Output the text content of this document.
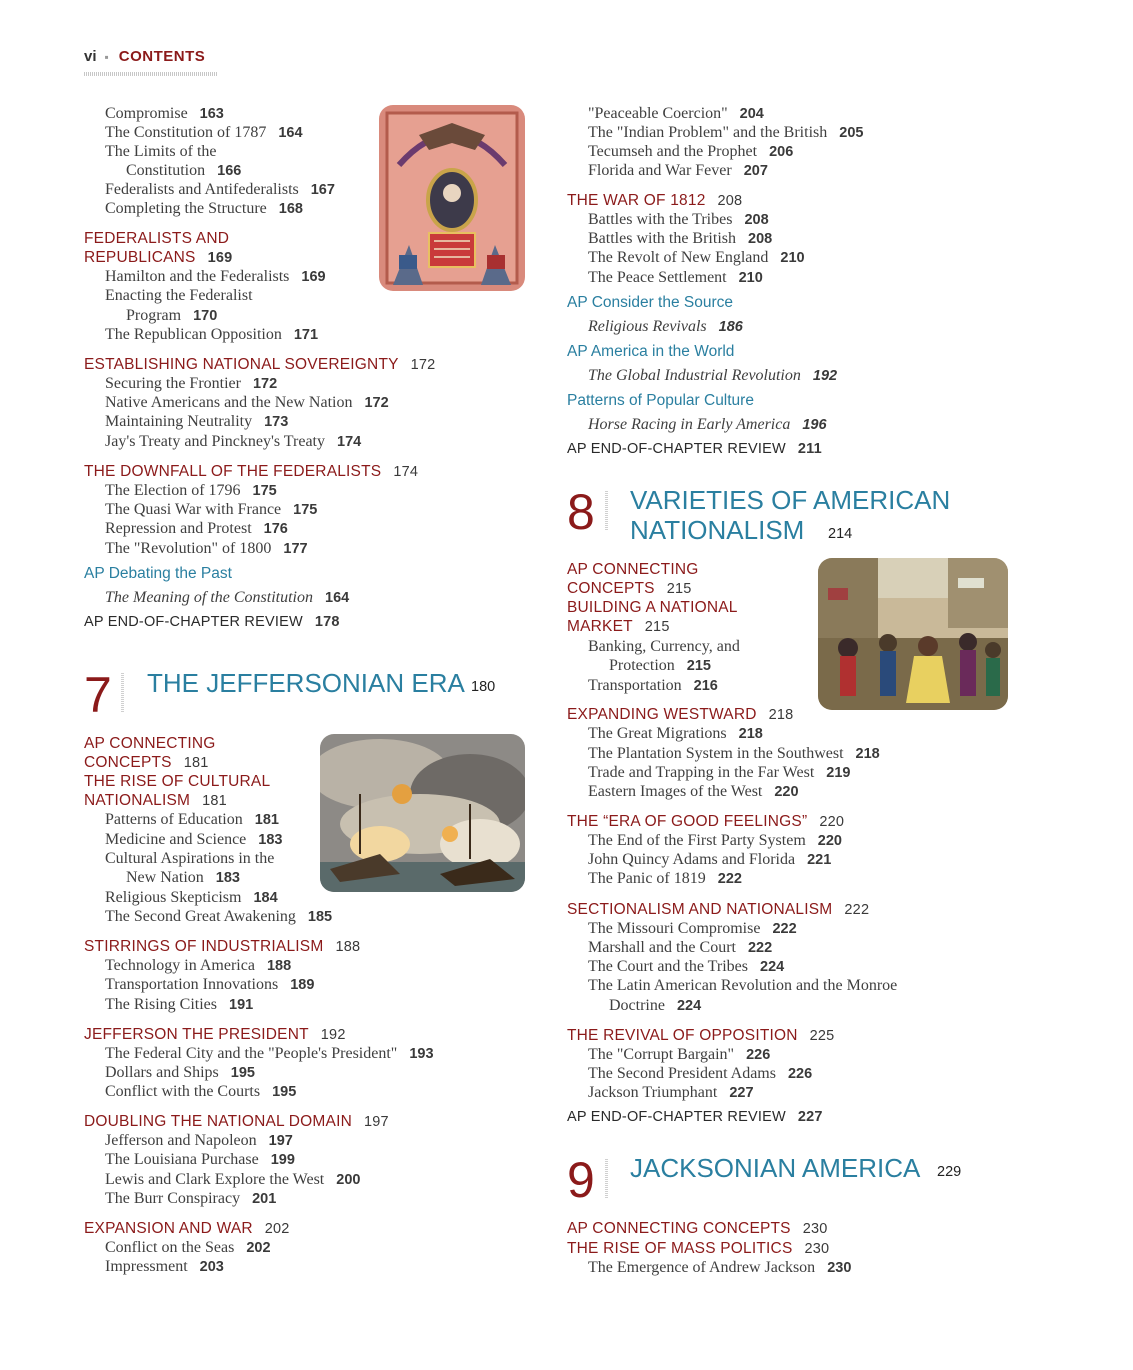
vi ▪ CONTENTS
Compromise 163
The Constitution of 1787 164
The Limits of the
Constitution 166
Federalists and Antifederalists 167
Completing the Structure 168
FEDERALISTS AND
REPUBLICANS 169
Hamilton and the Federalists 169
Enacting the Federalist
Program 170
The Republican Opposition 171
ESTABLISHING NATIONAL SOVEREIGNTY 172
Securing the Frontier 172
Native Americans and the New Nation 172
Maintaining Neutrality 173
Jay's Treaty and Pinckney's Treaty 174
THE DOWNFALL OF THE FEDERALISTS 174
The Election of 1796 175
The Quasi War with France 175
Repression and Protest 176
The "Revolution" of 1800 177
AP Debating the Past
The Meaning of the Constitution 164
AP END-OF-CHAPTER REVIEW 178
7 THE JEFFERSONIAN ERA 180
AP CONNECTING
CONCEPTS 181
THE RISE OF CULTURAL
NATIONALISM 181
Patterns of Education 181
Medicine and Science 183
Cultural Aspirations in the
New Nation 183
Religious Skepticism 184
The Second Great Awakening 185
STIRRINGS OF INDUSTRIALISM 188
Technology in America 188
Transportation Innovations 189
The Rising Cities 191
JEFFERSON THE PRESIDENT 192
The Federal City and the "People's President" 193
Dollars and Ships 195
Conflict with the Courts 195
DOUBLING THE NATIONAL DOMAIN 197
Jefferson and Napoleon 197
The Louisiana Purchase 199
Lewis and Clark Explore the West 200
The Burr Conspiracy 201
EXPANSION AND WAR 202
Conflict on the Seas 202
Impressment 203
"Peaceable Coercion" 204
The "Indian Problem" and the British 205
Tecumseh and the Prophet 206
Florida and War Fever 207
THE WAR OF 1812 208
Battles with the Tribes 208
Battles with the British 208
The Revolt of New England 210
The Peace Settlement 210
AP Consider the Source
Religious Revivals 186
AP America in the World
The Global Industrial Revolution 192
Patterns of Popular Culture
Horse Racing in Early America 196
AP END-OF-CHAPTER REVIEW 211
8 VARIETIES OF AMERICAN
NATIONALISM 214
AP CONNECTING
CONCEPTS 215
BUILDING A NATIONAL
MARKET 215
Banking, Currency, and
Protection 215
Transportation 216
EXPANDING WESTWARD 218
The Great Migrations 218
The Plantation System in the Southwest 218
Trade and Trapping in the Far West 219
Eastern Images of the West 220
THE “ERA OF GOOD FEELINGS” 220
The End of the First Party System 220
John Quincy Adams and Florida 221
The Panic of 1819 222
SECTIONALISM AND NATIONALISM 222
The Missouri Compromise 222
Marshall and the Court 222
The Court and the Tribes 224
The Latin American Revolution and the Monroe
Doctrine 224
THE REVIVAL OF OPPOSITION 225
The "Corrupt Bargain" 226
The Second President Adams 226
Jackson Triumphant 227
AP END-OF-CHAPTER REVIEW 227
9 JACKSONIAN AMERICA 229
AP CONNECTING CONCEPTS 230
THE RISE OF MASS POLITICS 230
The Emergence of Andrew Jackson 230
